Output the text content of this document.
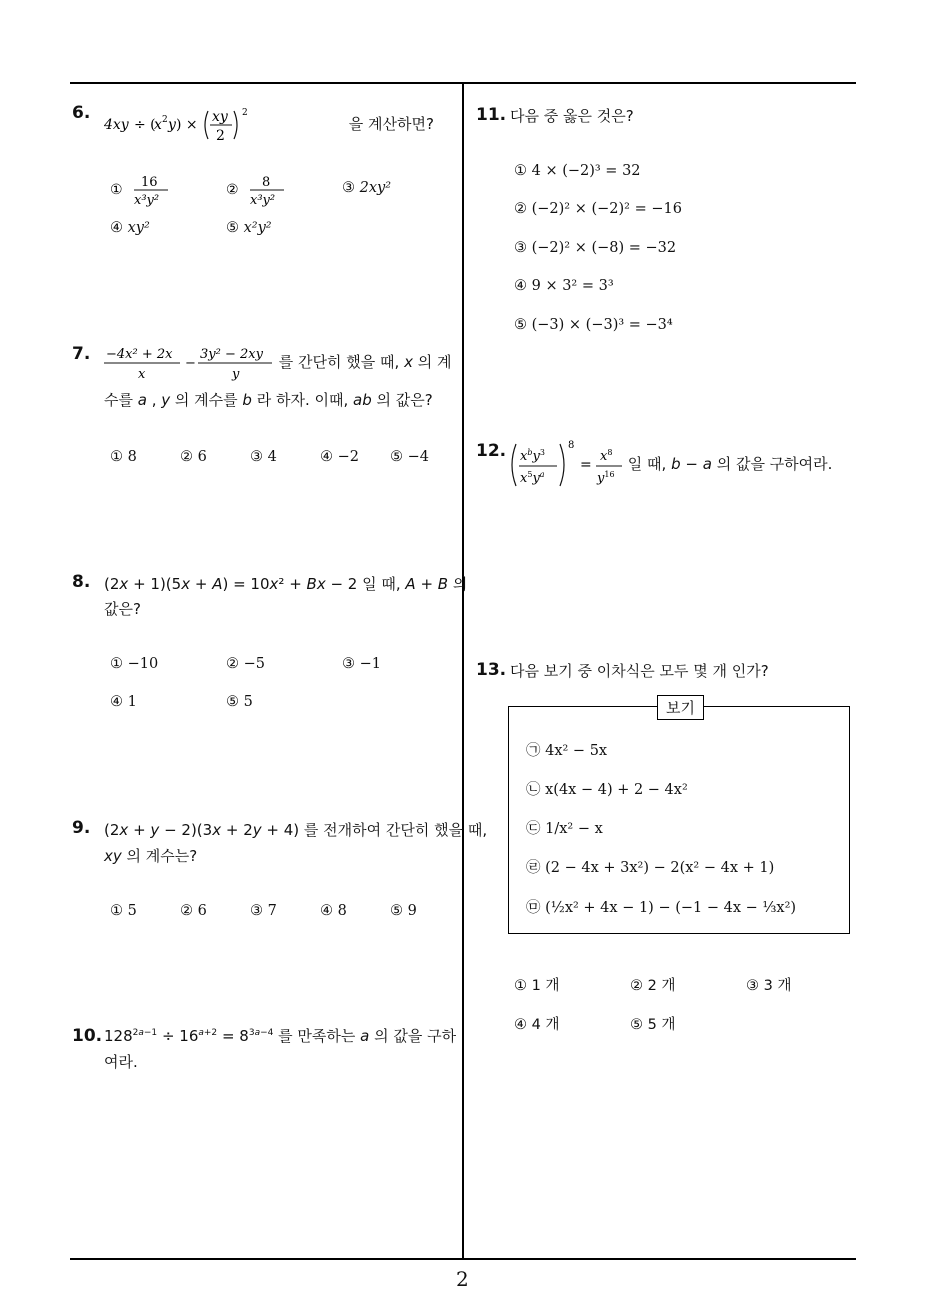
6.
4xy ÷ (
x 2 y ) × xy
2
2
을 계산하면?
① 16
x³y²
② 8
x³y²
③ 2xy²
④ xy²	⑤ x²y²
7. −4x² + 2x
x
−
3y² − 2xy
y
를 간단히 했을 때, x 의 계
수를 a , y 의 계수를 b 라 하자. 이때, ab 의 값은?
① 8	② 6	③ 4	④ −2 ⑤ −4
8. (2x + 1)(5x + A) = 10x² + Bx − 2 일 때, A + B 의
값은?
① −10	② −5	③ −1
④ 1	⑤ 5
9. (2x + y − 2)(3x + 2y + 4) 를 전개하여 간단히 했을 때,
xy 의 계수는?
① 5	② 6	③ 7	④ 8	⑤ 9
10. $128^{2a-1} \div 16^{a+2} = 8^{3a-4}$ 를 만족하는 a 의 값을 구하
여라.
11. 다음 중 옳은 것은?
① 4 × (−2)³ = 32
② (−2)² × (−2)² = −16
③ (−2)² × (−8) = −32
④ 9 × 3² = 3³
⑤ (−3) × (−3)³ = −3⁴
12. $x^by^3$
$x^5y^a$
8
=
$x^8$
$y^{16}$
일 때, b − a 의 값을 구하여라.
13. 다음 보기 중 이차식은 모두 몇 개 인가?
보기
㉠ 4x² − 5x
㉡ x(4x − 4) + 2 − 4x²
㉢ 1/x² − x
㉣ (2 − 4x + 3x²) − 2(x² − 4x + 1)
㉤ (½x² + 4x − 1) − (−1 − 4x − ⅓x²)
① 1 개	② 2 개	③ 3 개
④ 4 개	⑤ 5 개
2
